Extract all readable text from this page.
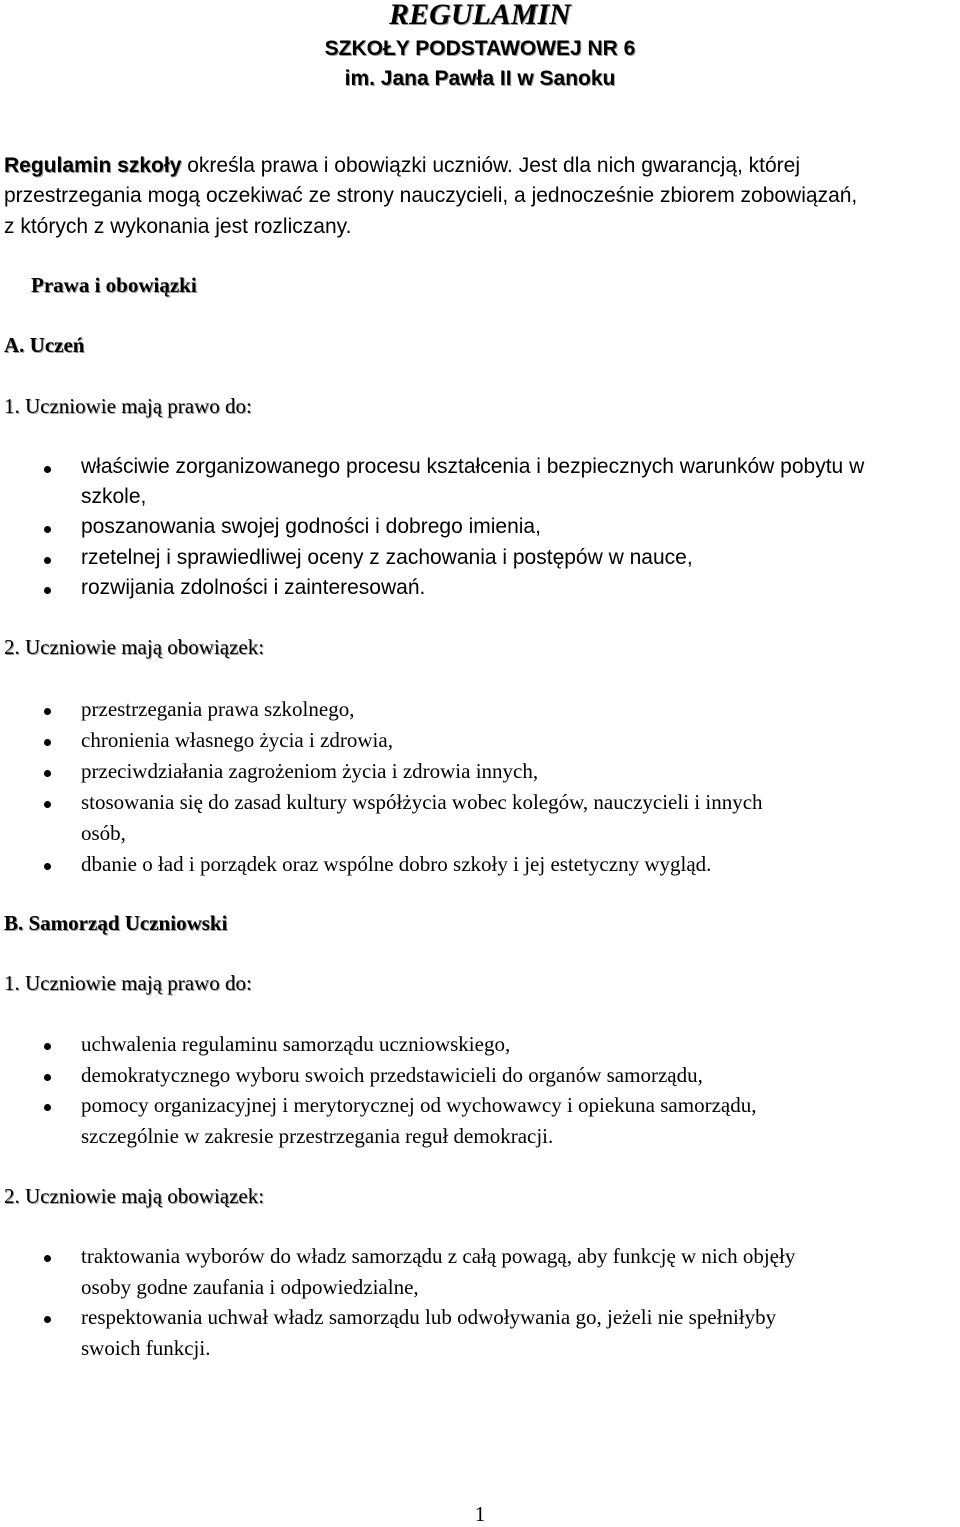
REGULAMIN
SZKOŁY PODSTAWOWEJ NR 6
im. Jana Pawła II w Sanoku
Regulamin szkoły określa prawa i obowiązki uczniów. Jest dla nich gwarancją, której
przestrzegania mogą oczekiwać ze strony nauczycieli, a jednocześnie zbiorem zobowiązań,
z których z wykonania jest rozliczany.
Prawa i obowiązki
A. Uczeń
1. Uczniowie mają prawo do:
właściwie zorganizowanego procesu kształcenia i bezpiecznych warunków pobytu w
szkole,
poszanowania swojej godności i dobrego imienia,
rzetelnej i sprawiedliwej oceny z zachowania i postępów w nauce,
rozwijania zdolności i zainteresowań.
2. Uczniowie mają obowiązek:
przestrzegania prawa szkolnego,
chronienia własnego życia i zdrowia,
przeciwdziałania zagrożeniom życia i zdrowia innych,
stosowania się do zasad kultury współżycia wobec kolegów, nauczycieli i innych
osób,
dbanie o ład i porządek oraz wspólne dobro szkoły i jej estetyczny wygląd.
B. Samorząd Uczniowski
1. Uczniowie mają prawo do:
uchwalenia regulaminu samorządu uczniowskiego,
demokratycznego wyboru swoich przedstawicieli do organów samorządu,
pomocy organizacyjnej i merytorycznej od wychowawcy i opiekuna samorządu,
szczególnie w zakresie przestrzegania reguł demokracji.
2. Uczniowie mają obowiązek:
traktowania wyborów do władz samorządu z całą powagą, aby funkcję w nich objęły
osoby godne zaufania i odpowiedzialne,
respektowania uchwał władz samorządu lub odwoływania go, jeżeli nie spełniłyby
swoich funkcji.
1
